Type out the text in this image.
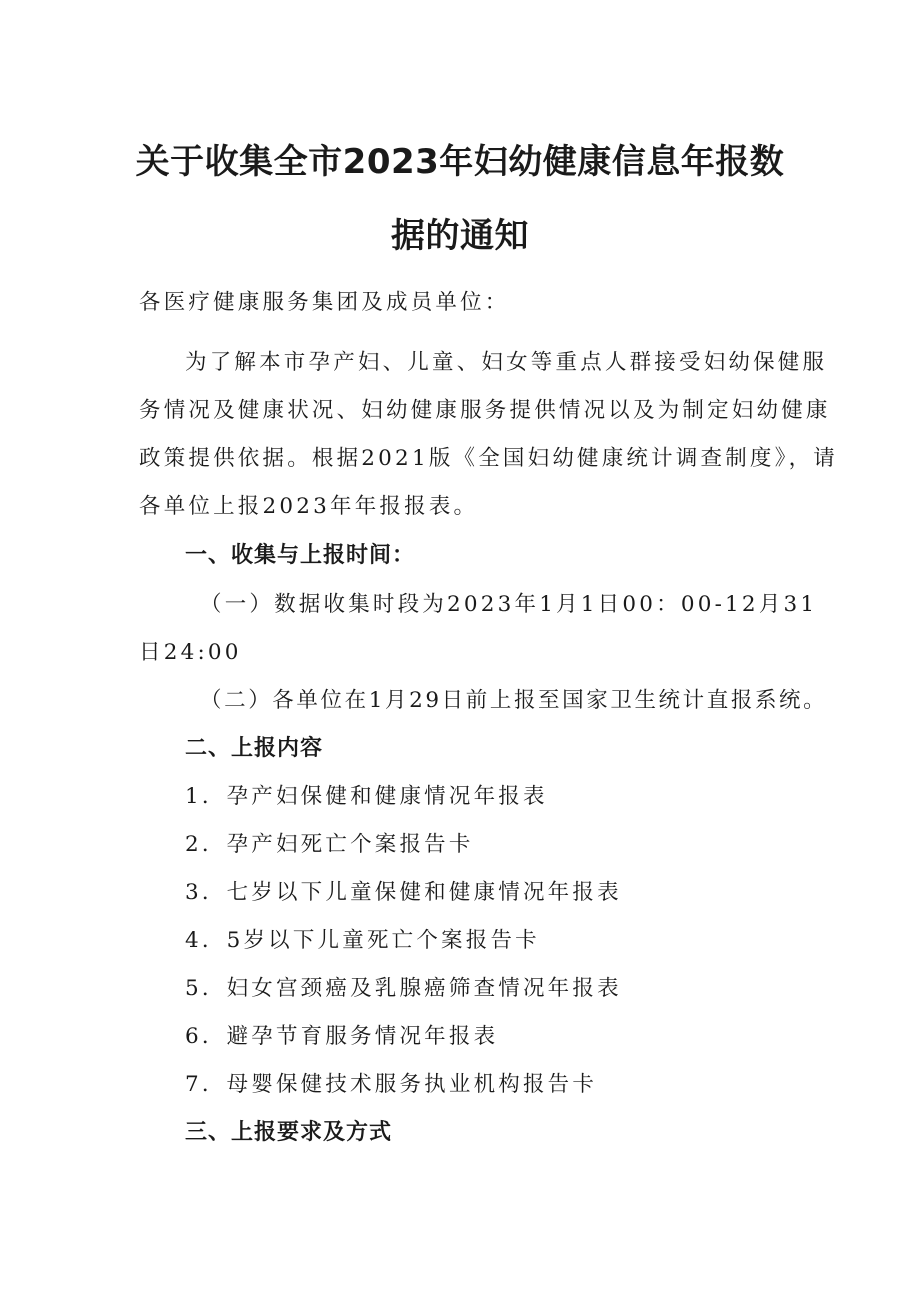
关于收集全市2023年妇幼健康信息年报数
据的通知
各医疗健康服务集团及成员单位：
为了解本市孕产妇、儿童、妇女等重点人群接受妇幼保健服
务情况及健康状况、妇幼健康服务提供情况以及为制定妇幼健康
政策提供依据。根据2021版《全国妇幼健康统计调查制度》，请
各单位上报2023年年报报表。
一、收集与上报时间：
（一）数据收集时段为2023年1月1日00：00-12月31
日24:00
（二）各单位在1月29日前上报至国家卫生统计直报系统。
二、上报内容
1．孕产妇保健和健康情况年报表
2．孕产妇死亡个案报告卡
3．七岁以下儿童保健和健康情况年报表
4．5岁以下儿童死亡个案报告卡
5．妇女宫颈癌及乳腺癌筛查情况年报表
6．避孕节育服务情况年报表
7．母婴保健技术服务执业机构报告卡
三、上报要求及方式
